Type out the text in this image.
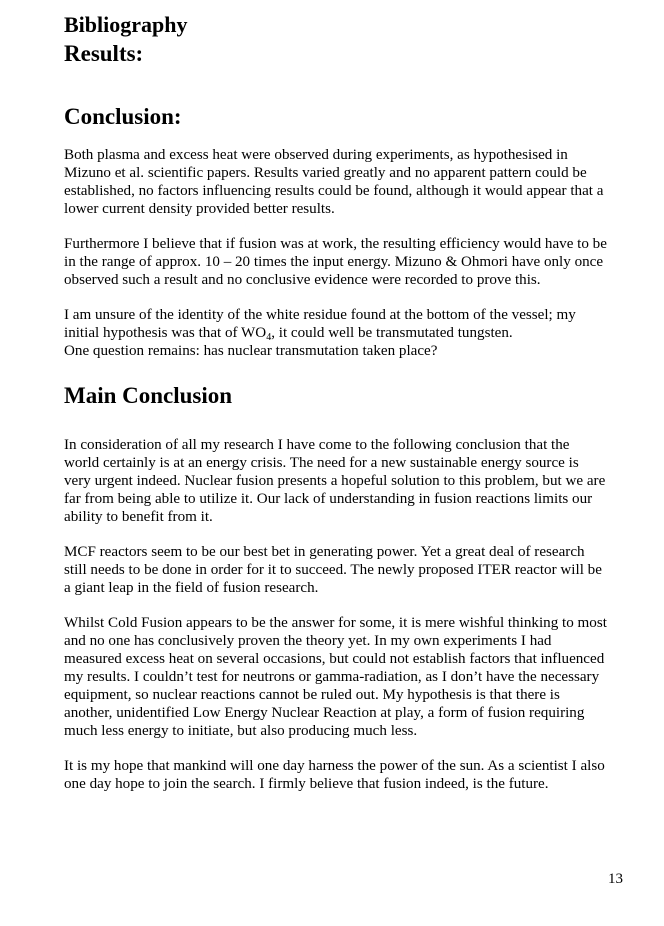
Bibliography
Results:
Conclusion:

Both plasma and excess heat were observed during experiments, as hypothesised in
Mizuno et al. scientific papers. Results varied greatly and no apparent pattern could be
established, no factors influencing results could be found, although it would appear that a
lower current density provided better results.

Furthermore I believe that if fusion was at work, the resulting efficiency would have to be
in the range of approx. 10 – 20 times the input energy. Mizuno & Ohmori have only once
observed such a result and no conclusive evidence were recorded to prove this.

I am unsure of the identity of the white residue found at the bottom of the vessel; my
initial hypothesis was that of $WO_4$, it could well be transmutated tungsten.
One question remains: has nuclear transmutation taken place?

Main Conclusion

In consideration of all my research I have come to the following conclusion that the
world certainly is at an energy crisis. The need for a new sustainable energy source is
very urgent indeed. Nuclear fusion presents a hopeful solution to this problem, but we are
far from being able to utilize it. Our lack of understanding in fusion reactions limits our
ability to benefit from it.

MCF reactors seem to be our best bet in generating power. Yet a great deal of research
still needs to be done in order for it to succeed. The newly proposed ITER reactor will be
a giant leap in the field of fusion research.

Whilst Cold Fusion appears to be the answer for some, it is mere wishful thinking to most
and no one has conclusively proven the theory yet. In my own experiments I had
measured excess heat on several occasions, but could not establish factors that influenced
my results. I couldn’t test for neutrons or gamma-radiation, as I don’t have the necessary
equipment, so nuclear reactions cannot be ruled out. My hypothesis is that there is
another, unidentified Low Energy Nuclear Reaction at play, a form of fusion requiring
much less energy to initiate, but also producing much less.

It is my hope that mankind will one day harness the power of the sun. As a scientist I also
one day hope to join the search. I firmly believe that fusion indeed, is the future.

13
